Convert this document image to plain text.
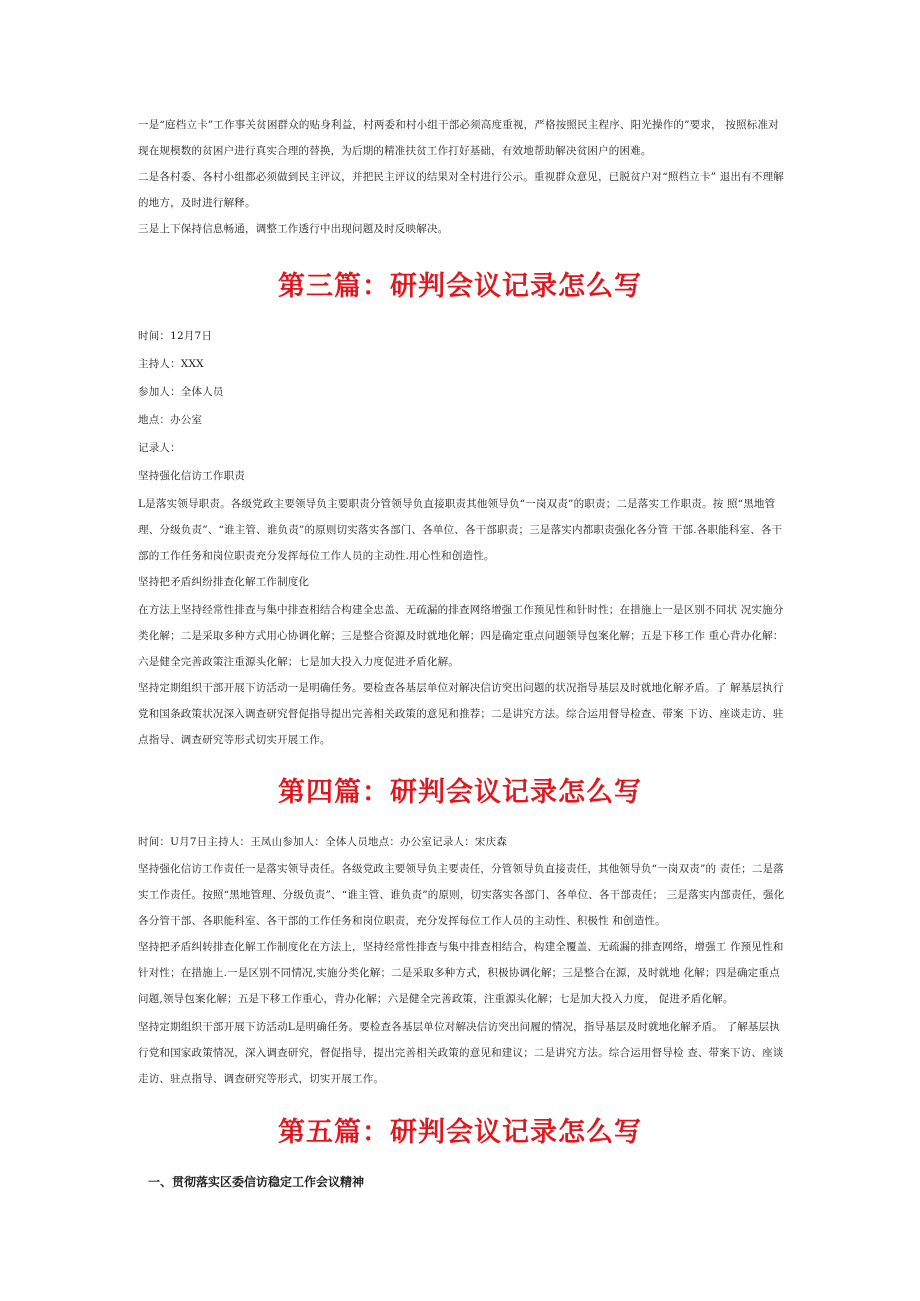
一是“庭档立卡”工作事关贫困群众的贴身利益，村两委和村小组干部必须高度重视，严格按照民主程序、阳光操作的”要求， 按照标准对现在规模数的贫困户进行真实合理的替换，为后期的精准扶贫工作打好基础，有效地帮助解决贫困户的困难。

二是各村委、各村小组都必须做到民主评议，并把民主评议的结果对全村进行公示。重视群众意见，已脱贫户对“照档立卡” 退出有不理解的地方，及时进行解释。

三是上下保持信息畅通，调整工作透行中出现问题及时反映解决。

第三篇：研判会议记录怎么写
时间：12月7日
主持人：XXX
参加人：全体人员
地点：办公室
记录人：
坚持强化信访工作职责

L是落实领导职责。各级党政主要领导负主要职责分管领导负直接职责其他领导负“一岗双责”的职责；二是落实工作职责。按 照“黑地管理、分级负责”、“谁主管、谁负责”的原则切实落实各部门、各单位、各干部职责；三是落实内都职责强化各分管 干部.各职能科室、各干部的工作任务和岗位职责充分发挥每位工作人员的主动性.用心性和创造性。

坚持把矛盾纠纷排查化解工作制度化

在方法上坚持经常性排查与集中排查相结合构建全忠盖、无疏漏的排查网络增强工作预见性和针时性；在措施上一是区别不同状 况实施分类化解；二是采取多种方式用心协调化解；三是整合资源及时就地化解；四是确定重点问题领导包案化解；五是下移工作 重心背办化解：六是健全完善政策注重源头化解；七是加大投入力度促进矛盾化解。

坚持定期组织干部开展下访活动一是明确任务。要检查各基层单位对解决信访突出问题的状况指导基层及时就地化解矛盾。了 解基层执行党和国条政策状况深入调查研究督促指导提出完善相关政策的意见和推荐；二是讲究方法。综合运用督导检查、带案 下访、座谈走访、驻点指导、调查研究等形式切实开展工作。

第四篇：研判会议记录怎么写
时间：U月7日主持人：王凤山参加人：全体人员地点：办公室记录人：宋庆森

坚持强化信访工作责任一是落实领导责任。各级党政主要领导负主要责任，分管领导负直接责任，其他领导负“一岗双责”的 责任；二是落实工作责任。按照“黑地管理、分级负责”、“谁主管、谁负责”的原则，切实落实各部门、各单位、各干部责任； 三是落实内部责任，强化各分管干部、各职能科室、各干部的工作任务和岗位职责，充分发挥每位工作人员的主动性、积极性 和创造性。

坚持把矛盾纠转排查化解工作制度化在方法上，坚持经常性排查与集中排查相结合，构建全覆盖、无疏漏的排查网络，增强工 作预见性和针对性；在措施上.一是区别不同情况,实施分类化解；二是采取多种方式，积极协调化解；三是整合在源，及时就地 化解；四是确定重点问题,领导包案化解；五是下移工作重心，背办化解；六是健全完善政策，注重源头化解；七是加大投入力度， 促进矛盾化解。

坚持定期组织干部开展下访活动L是明确任务。要检查各基层单位对解决信访突出问履的情况，指导基层及时就地化解矛盾。 了解基层执行党和国家政策情况，深入调查研究，督促指导，提出完善相关政策的意见和建议；二是讲究方法。综合运用督导检 查、带案下访、座谈走访、驻点指导、调查研究等形式，切实开展工作。

第五篇：研判会议记录怎么写
一、贯彻落实区委信访稳定工作会议精神
